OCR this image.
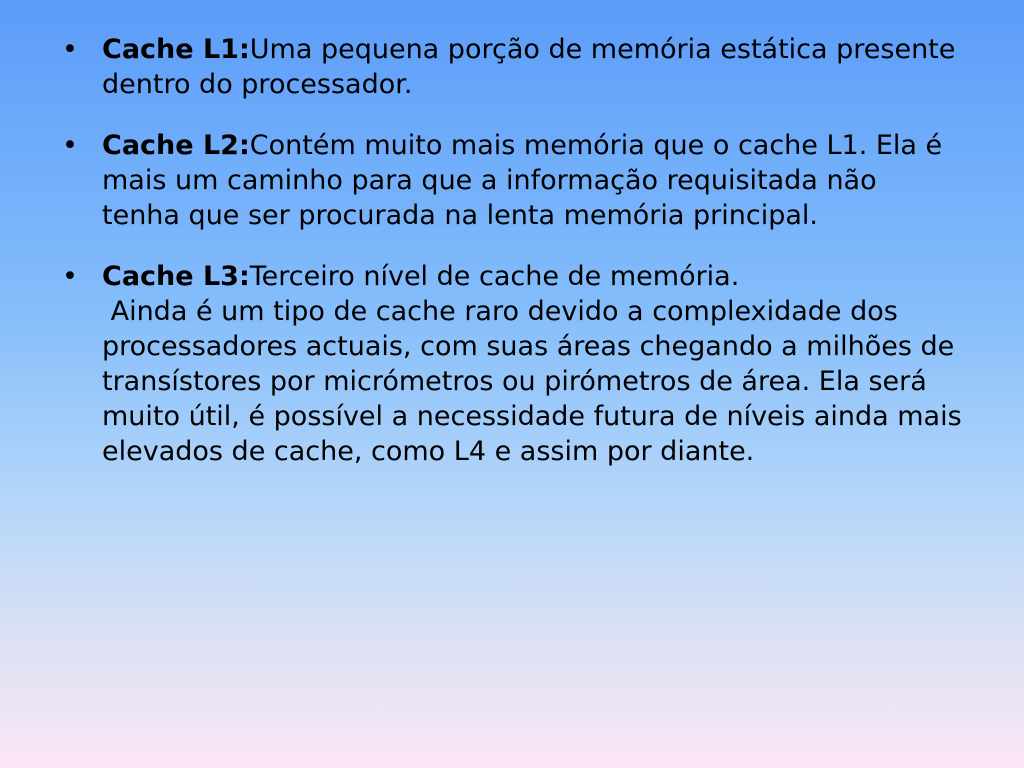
• Cache L1:Uma pequena porção de memória estática presente dentro do processador.
• Cache L2:Contém muito mais memória que o cache L1. Ela é mais um caminho para que a informação requisitada não tenha que ser procurada na lenta memória principal.
• Cache L3:Terceiro nível de cache de memória.
Ainda é um tipo de cache raro devido a complexidade dos processadores actuais, com suas áreas chegando a milhões de transístores por micrómetros ou pirómetros de área. Ela será muito útil, é possível a necessidade futura de níveis ainda mais elevados de cache, como L4 e assim por diante.
